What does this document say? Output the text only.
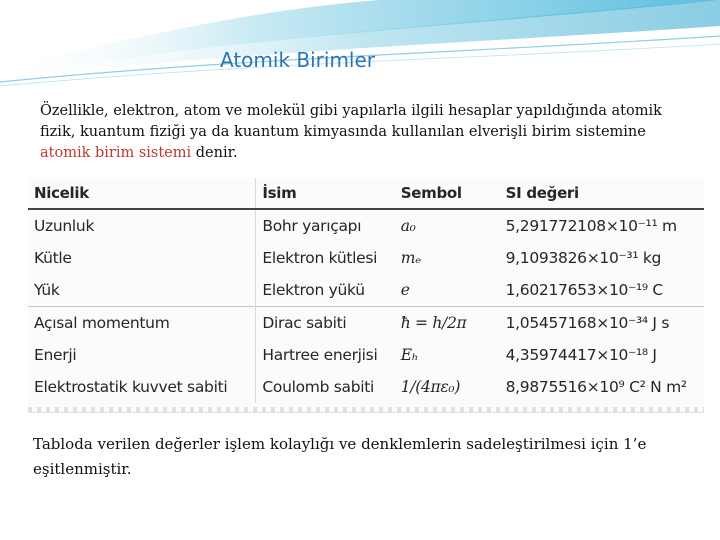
Atomik Birimler
Özellikle, elektron, atom ve molekül gibi yapılarla ilgili hesaplar yapıldığında atomik fizik, kuantum fiziği ya da kuantum kimyasında kullanılan elverişli birim sistemine atomik birim sistemi denir.
Nicelik	İsim	Sembol	SI değeri
Uzunluk	Bohr yarıçapı	a₀	5,291772108×10⁻¹¹ m
Kütle	Elektron kütlesi	mₑ	9,1093826×10⁻³¹ kg
Yük	Elektron yükü	e	1,60217653×10⁻¹⁹ C
Açısal momentum	Dirac sabiti	ħ = h/2π	1,05457168×10⁻³⁴ J s
Enerji	Hartree enerjisi	Eₕ	4,35974417×10⁻¹⁸ J
Elektrostatik kuvvet sabiti	Coulomb sabiti	1/(4πε₀)	8,9875516×10⁹ C² N m²
Tabloda verilen değerler işlem kolaylığı ve denklemlerin sadeleştirilmesi için 1’e eşitlenmiştir.
